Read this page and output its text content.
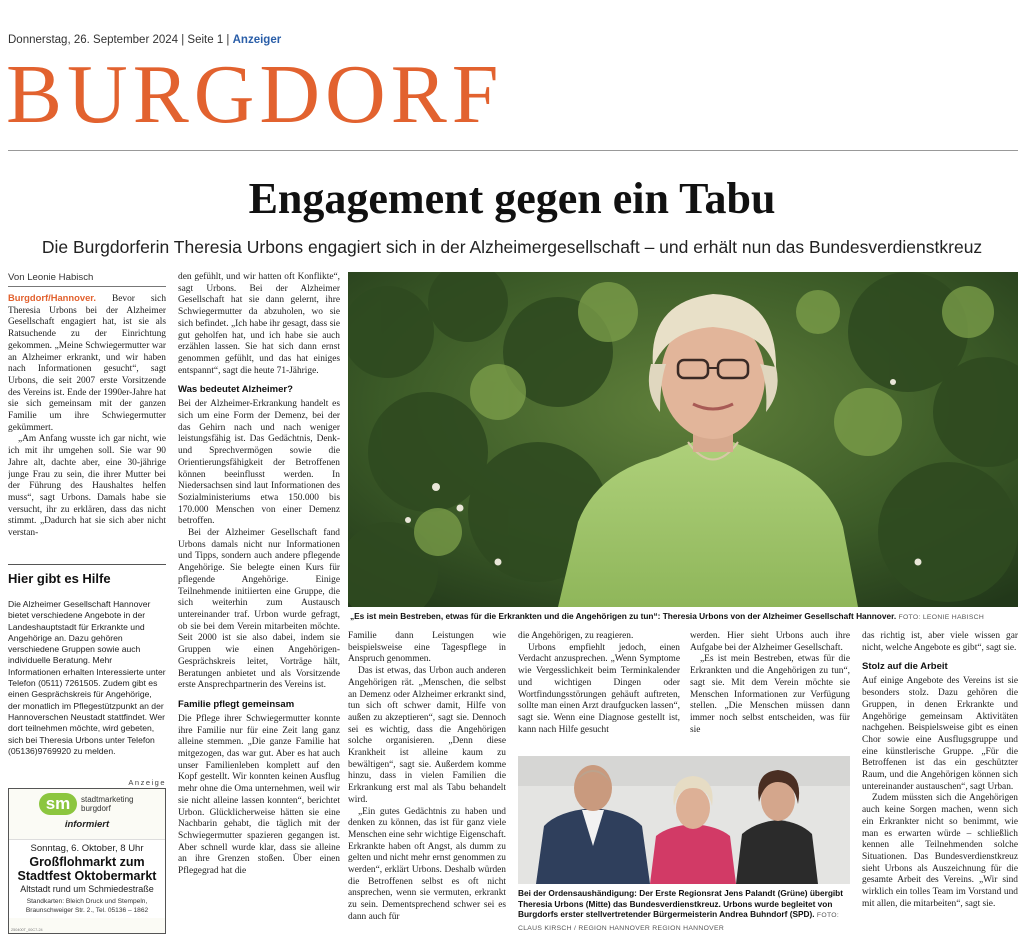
Donnerstag, 26. September 2024 | Seite 1 | Anzeiger
BURGDORF
Engagement gegen ein Tabu
Die Burgdorferin Theresia Urbons engagiert sich in der Alzheimergesellschaft – und erhält nun das Bundesverdienstkreuz
Von Leonie Habisch

Burgdorf/Hannover. Bevor sich Theresia Urbons bei der Alzheimer Gesellschaft engagiert hat, ist sie als Ratsuchende zu der Einrichtung gekommen. „Meine Schwiegermutter war an Alzheimer erkrankt, und wir haben nach Informationen gesucht“, sagt Urbons, die seit 2007 erste Vorsitzende des Vereins ist. Ende der 1990er-Jahre hat sie sich gemeinsam mit der ganzen Familie um ihre Schwiegermutter gekümmert.

„Am Anfang wusste ich gar nicht, wie ich mit ihr umgehen soll. Sie war 90 Jahre alt, dachte aber, eine 30-jährige junge Frau zu sein, die ihrer Mutter bei der Führung des Haushaltes helfen muss“, sagt Urbons. Damals habe sie versucht, ihr zu erklären, dass das nicht stimmt. „Dadurch hat sie sich aber nicht verstan-

Hier gibt es Hilfe
Die Alzheimer Gesellschaft Hannover bietet verschiedene Angebote in der Landeshauptstadt für Erkrankte und Angehörige an. Dazu gehören verschiedene Gruppen sowie auch individuelle Beratung. Mehr Informationen erhalten Interessierte unter Telefon (0511) 7261505. Zudem gibt es einen Gesprächskreis für Angehörige, der monatlich im Pflegestützpunkt an der Hannoverschen Neustadt stattfindet. Wer dort teilnehmen möchte, wird gebeten, sich bei Theresia Urbons unter Telefon (05136)9769920 zu melden.
Anzeige
sm	stadtmarketing
burgdorf
informiert
Sonntag, 6. Oktober, 8 Uhr
Großflohmarkt zum
Stadtfest Oktobermarkt
Altstadt rund um Schmiedestraße
Standkarten: Bleich Druck und Stempeln,
Braunschweiger Str. 2., Tel. 05136 – 1862
250400T_00C7-24

den gefühlt, und wir hatten oft Konflikte“, sagt Urbons. Bei der Alzheimer Gesellschaft hat sie dann gelernt, ihre Schwiegermutter da abzuholen, wo sie sich befindet. „Ich habe ihr gesagt, dass sie gut geholfen hat, und ich habe sie auch erzählen lassen. Sie hat sich dann ernst genommen gefühlt, und das hat einiges entspannt“, sagt die heute 71-Jährige.

Was bedeutet Alzheimer?

Bei der Alzheimer-Erkrankung handelt es sich um eine Form der Demenz, bei der das Gehirn nach und nach weniger leistungsfähig ist. Das Gedächtnis, Denk- und Sprechvermögen sowie die Orientierungsfähigkeit der Betroffenen können beeinflusst werden. In Niedersachsen sind laut Informationen des Sozialministeriums etwa 150.000 bis 170.000 Menschen von einer Demenz betroffen.

Bei der Alzheimer Gesellschaft fand Urbons damals nicht nur Informationen und Tipps, sondern auch andere pflegende Angehörige. Sie belegte einen Kurs für pflegende Angehörige. Einige Teilnehmende initiierten eine Gruppe, die sich weiterhin zum Austausch untereinander traf. Urbon wurde gefragt, ob sie bei dem Verein mitarbeiten möchte. Seit 2000 ist sie also dabei, indem sie Gruppen wie einen Angehörigen-Gesprächskreis leitet, Vorträge hält, Beratungen anbietet und als Vorsitzende erste Ansprechpartnerin des Vereins ist.

Familie pflegt gemeinsam

Die Pflege ihrer Schwiegermutter konnte ihre Familie nur für eine Zeit lang ganz alleine stemmen. „Die ganze Familie hat mitgezogen, das war gut. Aber es hat auch unser Familienleben komplett auf den Kopf gestellt. Wir konnten keinen Ausflug mehr ohne die Oma unternehmen, weil wir sie nicht alleine lassen konnten“, berichtet Urbon. Glücklicherweise hätten sie eine Nachbarin gehabt, die täglich mit der Schwiegermutter spazieren gegangen ist. Aber schnell wurde klar, dass sie alleine an ihre Grenzen stoßen. Über einen Pflegegrad hat die

„Es ist mein Bestreben, etwas für die Erkrankten und die Angehörigen zu tun“: Theresia Urbons von der Alzheimer Gesellschaft Hannover. FOTO: LEONIE HABISCH

Familie dann Leistungen wie beispielsweise eine Tagespflege in Anspruch genommen.

Das ist etwas, das Urbon auch anderen Angehörigen rät. „Menschen, die selbst an Demenz oder Alzheimer erkrankt sind, tun sich oft schwer damit, Hilfe von außen zu akzeptieren“, sagt sie. Dennoch sei es wichtig, dass die Angehörigen solche organisieren. „Denn diese Krankheit ist alleine kaum zu bewältigen“, sagt sie. Außerdem komme hinzu, dass in vielen Familien die Erkrankung erst mal als Tabu behandelt wird.

„Ein gutes Gedächtnis zu haben und denken zu können, das ist für ganz viele Menschen eine sehr wichtige Eigenschaft. Erkrankte haben oft Angst, als dumm zu gelten und nicht mehr ernst genommen zu werden“, erklärt Urbons. Deshalb würden die Betroffenen selbst es oft nicht ansprechen, wenn sie vermuten, erkrankt zu sein. Dementsprechend schwer sei es dann auch für

die Angehörigen, zu reagieren.

Urbons empfiehlt jedoch, einen Verdacht anzusprechen. „Wenn Symptome wie Vergesslichkeit beim Terminkalender und wichtigen Dingen oder Wortfindungsstörungen gehäuft auftreten, sollte man einen Arzt draufgucken lassen“, sagt sie. Wenn eine Diagnose gestellt ist, kann nach Hilfe gesucht

werden. Hier sieht Urbons auch ihre Aufgabe bei der Alzheimer Gesellschaft.

„Es ist mein Bestreben, etwas für die Erkrankten und die Angehörigen zu tun“, sagt sie. Mit dem Verein möchte sie Menschen Informationen zur Verfügung stellen. „Die Menschen müssen dann immer noch selbst entscheiden, was für sie

Bei der Ordensaushändigung: Der Erste Regionsrat Jens Palandt (Grüne) übergibt Theresia Urbons (Mitte) das Bundesverdienstkreuz. Urbons wurde begleitet von Burgdorfs erster stellvertretender Bürgermeisterin Andrea Buhndorf (SPD). FOTO: CLAUS KIRSCH / REGION HANNOVER REGION HANNOVER

das richtig ist, aber viele wissen gar nicht, welche Angebote es gibt“, sagt sie.

Stolz auf die Arbeit

Auf einige Angebote des Vereins ist sie besonders stolz. Dazu gehören die Gruppen, in denen Erkrankte und Angehörige gemeinsam Aktivitäten nachgehen. Beispielsweise gibt es einen Chor sowie eine Ausflugsgruppe und eine künstlerische Gruppe. „Für die Betroffenen ist das ein geschützter Raum, und die Angehörigen können sich untereinander austauschen“, sagt Urban.

Zudem müssten sich die Angehörigen auch keine Sorgen machen, wenn sich ein Erkrankter nicht so benimmt, wie man es erwarten würde – schließlich kennen alle Teilnehmenden solche Situationen. Das Bundesverdienstkreuz sieht Urbons als Auszeichnung für die gesamte Arbeit des Vereins. „Wir sind wirklich ein tolles Team im Vorstand und mit allen, die mitarbeiten“, sagt sie.
